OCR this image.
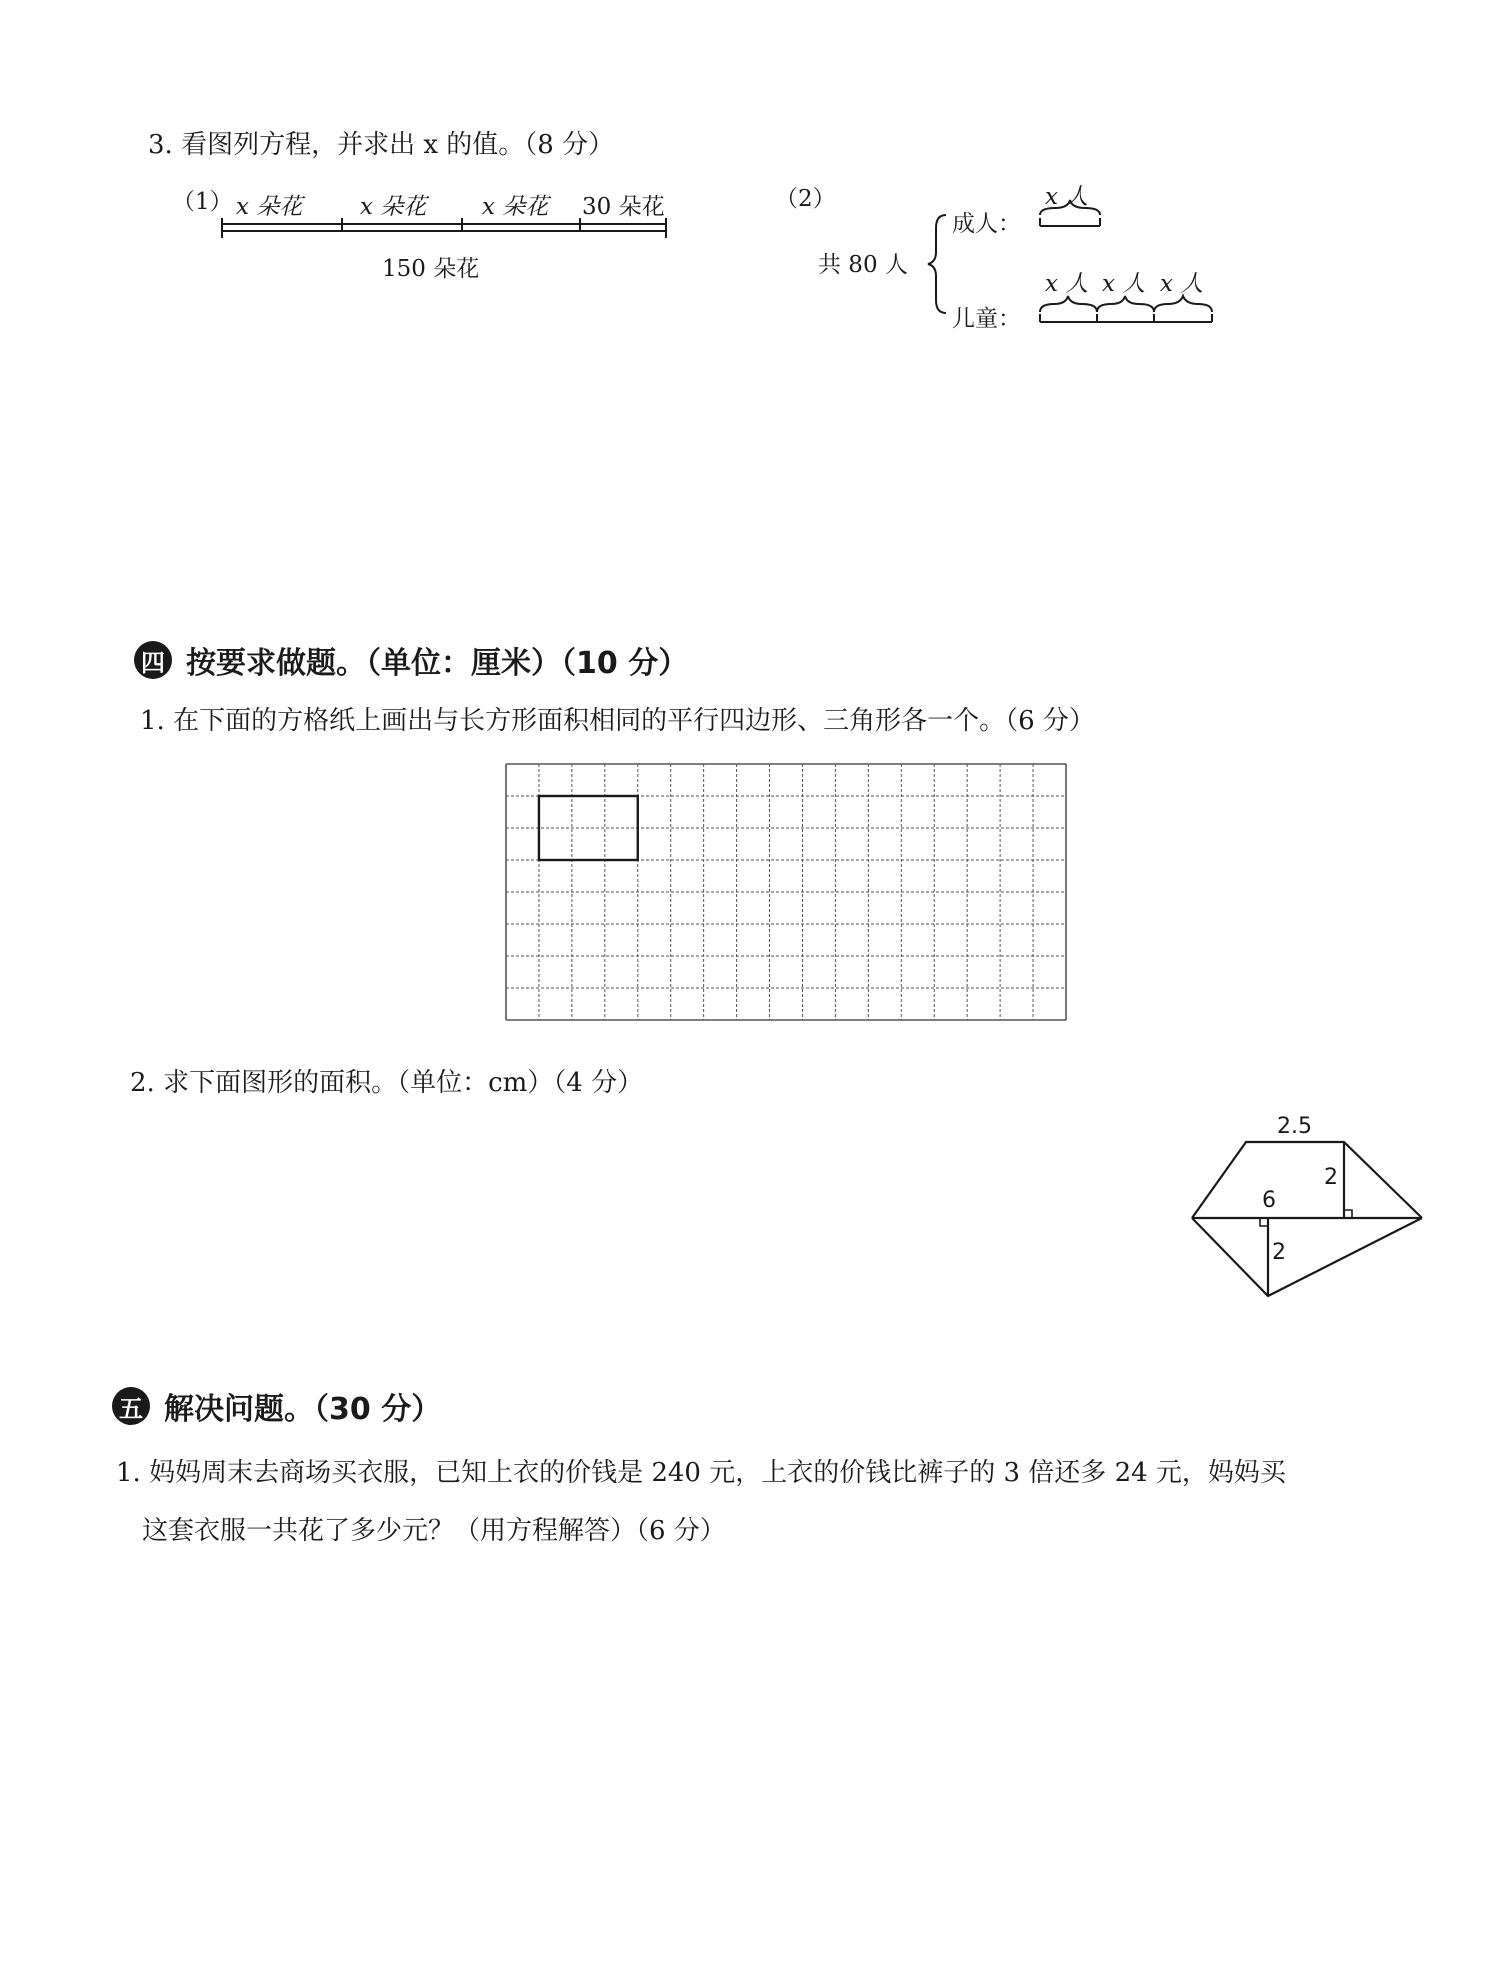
3. 看图列方程，并求出 x 的值。（8 分）
（1） x 朵花	x 朵花 x 朵花 30 朵花
150 朵花
（2）
共 80 人
成人：
x 人
儿童：
x 人 x 人 x 人
四 按要求做题。（单位：厘米）（10 分）
1. 在下面的方格纸上画出与长方形面积相同的平行四边形、三角形各一个。（6 分）
2. 求下面图形的面积。（单位：cm）（4 分）
2.5
2
6
2
五 解决问题。（30 分）
1. 妈妈周末去商场买衣服，已知上衣的价钱是 240 元，上衣的价钱比裤子的 3 倍还多 24 元，妈妈买
这套衣服一共花了多少元？（用方程解答）（6 分）
